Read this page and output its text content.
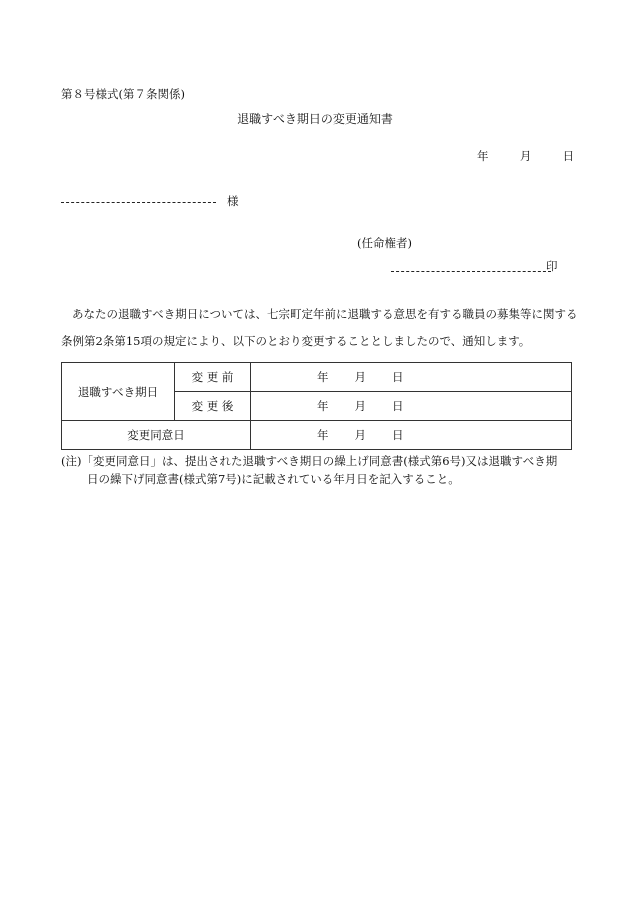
第８号様式(第７条関係)
退職すべき期日の変更通知書
年	月	日
様
(任命権者)
印
あなたの退職すべき期日については、七宗町定年前に退職する意思を有する職員の募集等に関する条例第2条第15項の規定により、以下のとおり変更することとしましたので、通知します。
退職すべき期日	変 更 前	年 月 日
	変 更 後	年 月 日
変更同意日		年 月 日
(注)「変更同意日」は、提出された退職すべき期日の繰上げ同意書(様式第6号)又は退職すべき期
日の繰下げ同意書(様式第7号)に記載されている年月日を記入すること。
